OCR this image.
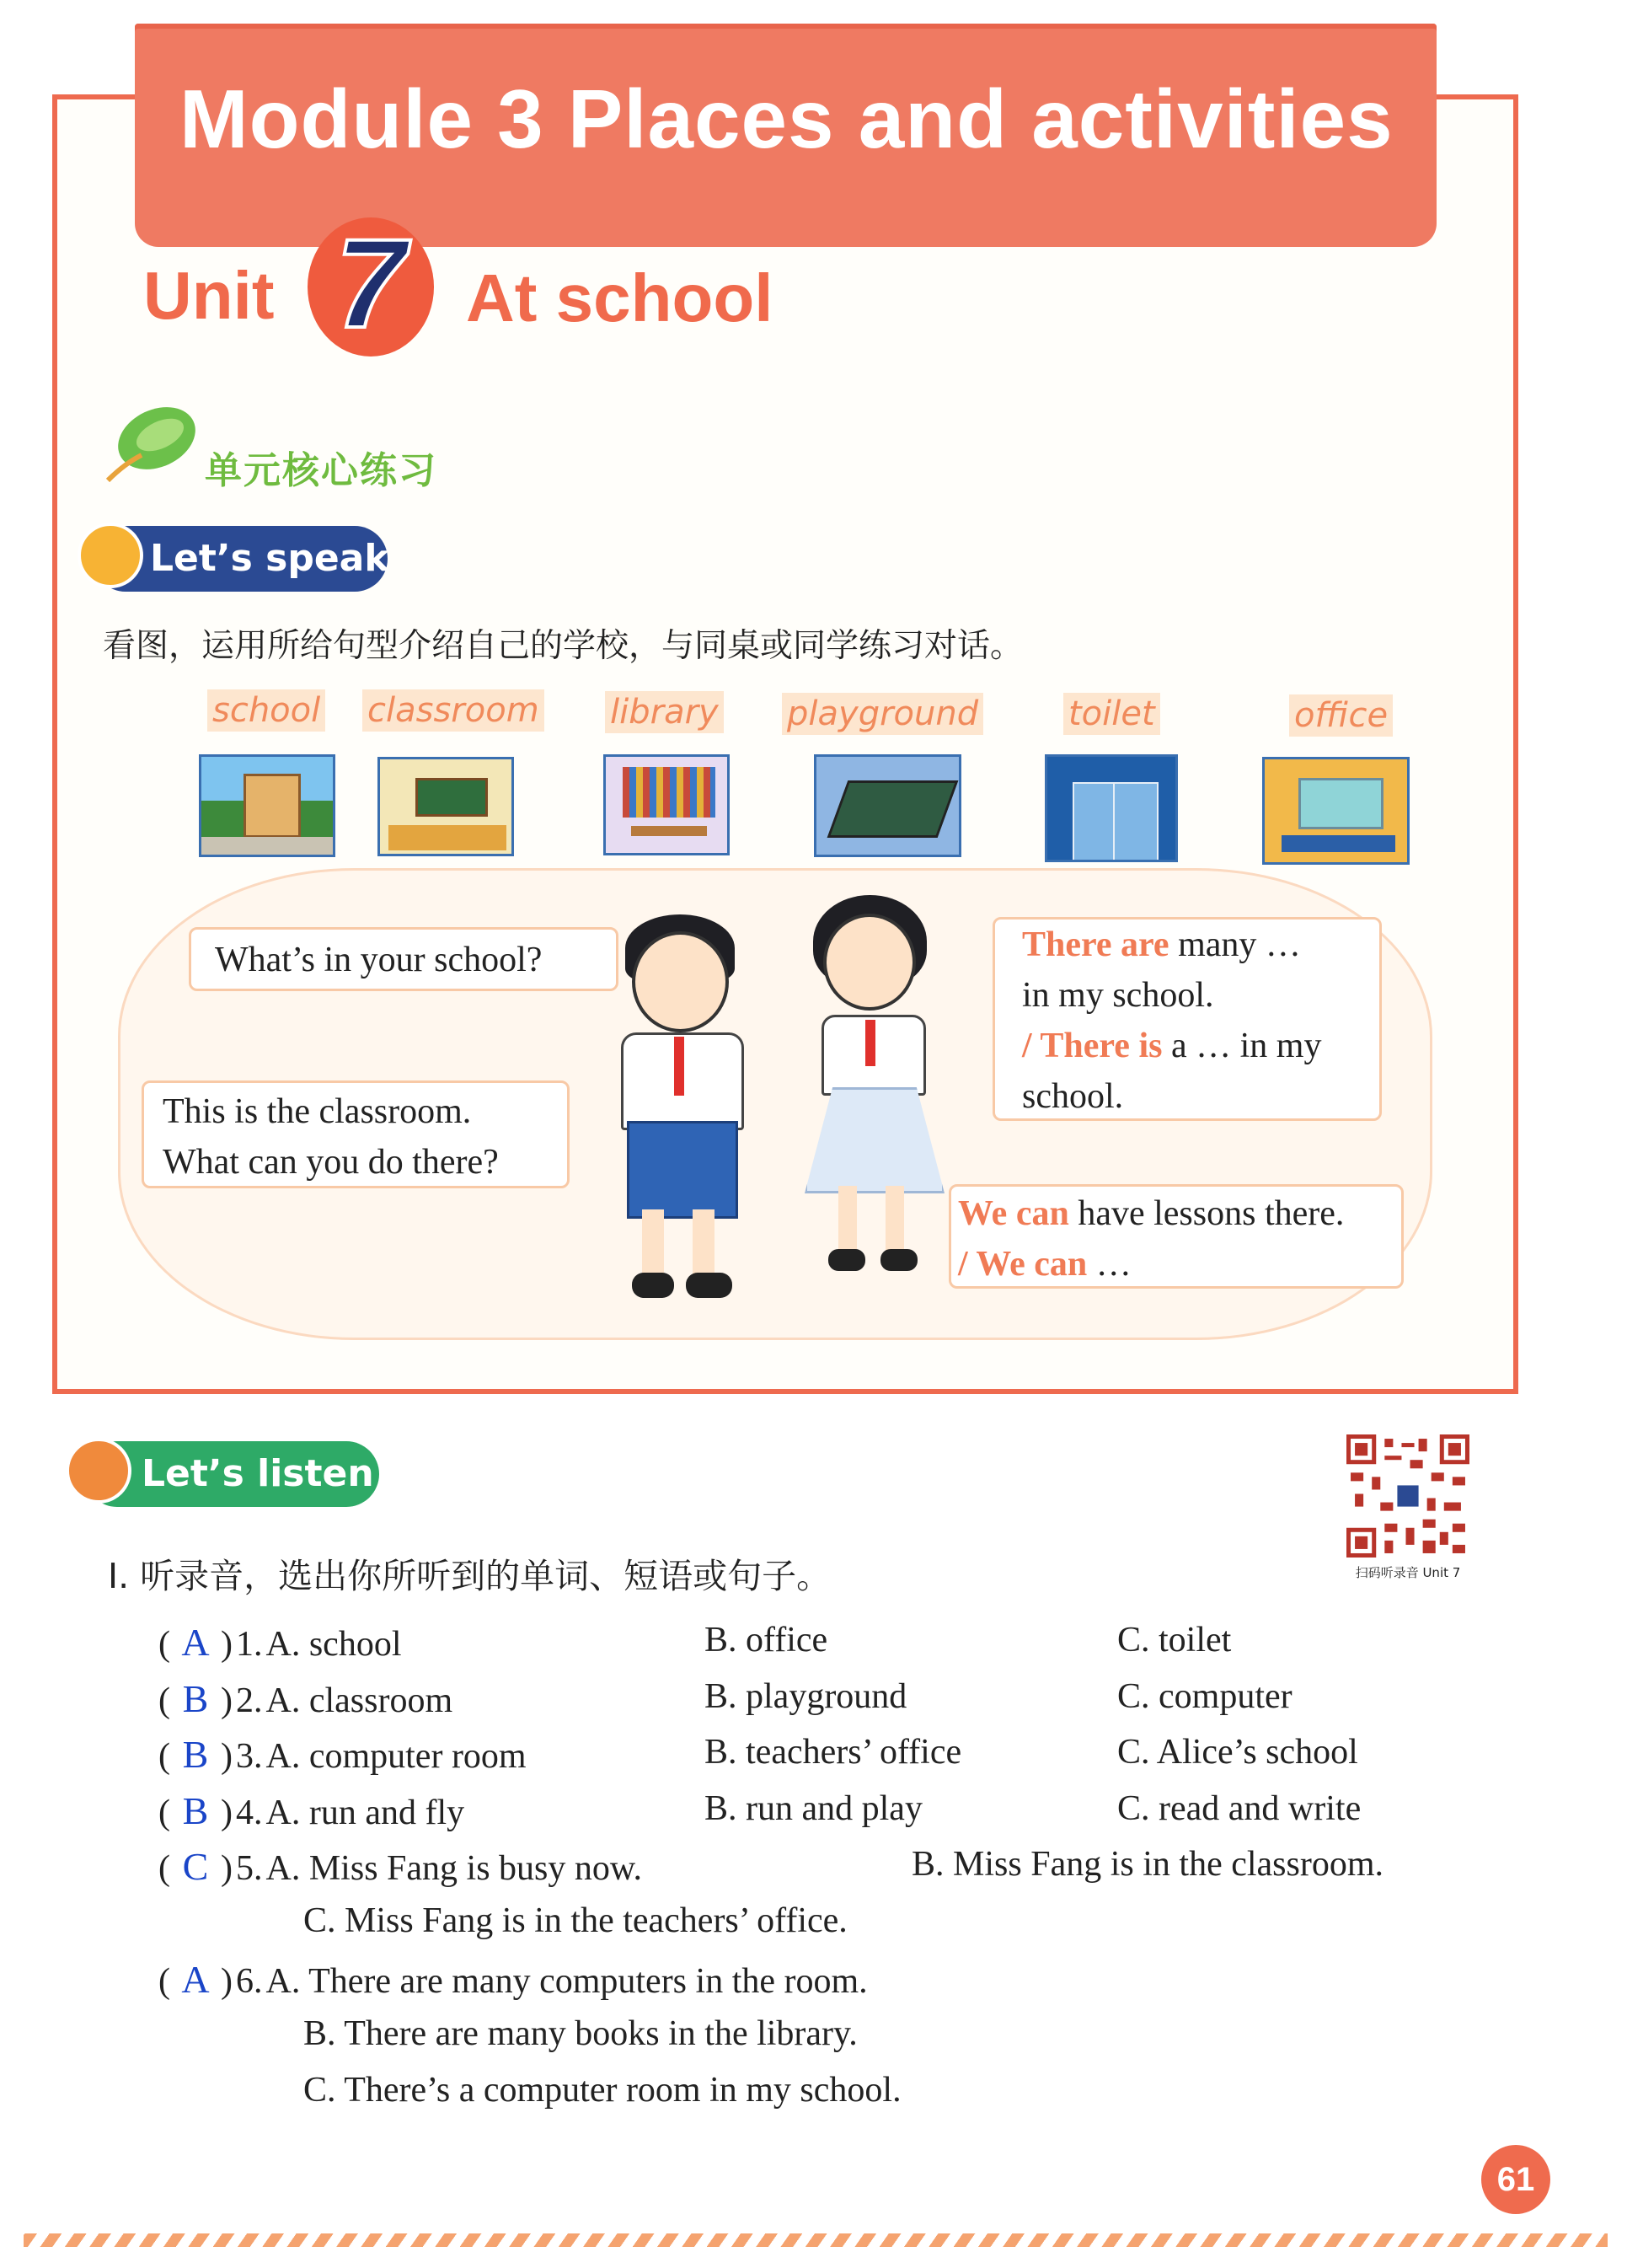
Module 3 Places and activities
Unit 7 At school
单元核心练习
Let’s speak
看图，运用所给句型介绍自己的学校，与同桌或同学练习对话。
school classroom library playground	toilet	office
What’s in your school?
This is the classroom.
What can you do there?
There are many …
in my school.
/ There is a … in my
school.
We can have lessons there.
/ We can …
Let’s listen
扫码听录音 Unit 7
Ⅰ. 听录音，选出你所听到的单词、短语或句子。
( A ) 1. A. school	B. office	C. toilet
( B ) 2. A. classroom	B. playground	C. computer
( B ) 3. A. computer room	B. teachers’ office	C. Alice’s school
( B ) 4. A. run and fly	B. run and play	C. read and write
( C ) 5. A. Miss Fang is busy now.	B. Miss Fang is in the classroom.
C. Miss Fang is in the teachers’ office.
( A ) 6. A. There are many computers in the room.
B. There are many books in the library.
C. There’s a computer room in my school.
61
